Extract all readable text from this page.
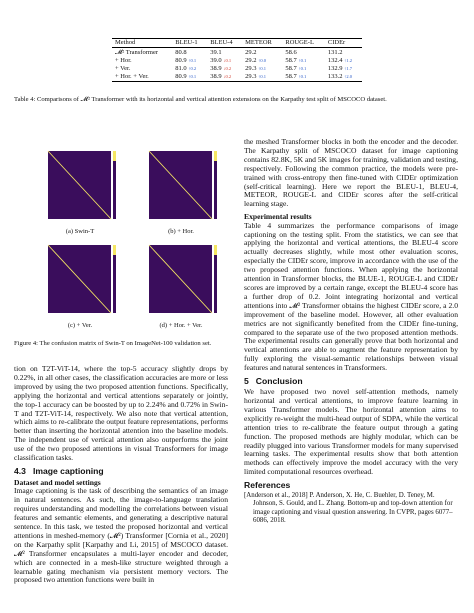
Method	BLEU-1	BLEU-4	METEOR	ROUGE-L	CIDEr
𝓜² Transformer	80.8	39.1	29.2	58.6	131.2
+ Hor.	80.9 ↑0.1	39.0 ↓0.1	29.2 ↑0.0	58.7 ↑0.1	132.4 ↑1.2
+ Ver.	81.0 ↑0.2	38.9 ↓0.2	29.3 ↑0.1	58.7 ↑0.1	132.9 ↑1.7
+ Hor. + Ver.	80.9 ↑0.1	38.9 ↓0.2	29.3 ↑0.1	58.7 ↑0.1	133.2 ↑2.0
Table 4: Comparisons of 𝓜² Transformer with its horizontal and vertical attention extensions on the Karpathy test split of MSCOCO dataset.
(a) Swin-T	(b) + Hor.
(c) + Ver.	(d) + Hor. + Ver.
Figure 4: The confusion matrix of Swin-T on ImageNet-100 validation set.

tion on T2T-ViT-14, where the top-5 accuracy slightly drops by 0.22%, in all other cases, the classification accuracies are more or less improved by using the two proposed attention functions. Specifically, applying the horizontal and vertical attentions separately or jointly, the top-1 accuracy can be boosted by up to 2.24% and 0.72% in Swin-T and T2T-ViT-14, respectively. We also note that vertical attention, which aims to re-calibrate the output feature representations, performs better than inserting the horizontal attention into the baseline models. The independent use of vertical attention also outperforms the joint use of the two proposed attentions in visual Transformers for image classification tasks.

4.3 Image captioning
Dataset and model settings

Image captioning is the task of describing the semantics of an image in natural sentences. As such, the image-to-language translation requires understanding and modelling the correlations between visual features and semantic elements, and generating a descriptive natural sentence. In this task, we tested the proposed horizontal and vertical attentions in meshed-memory (𝓜²) Transformer [Cornia et al., 2020] on the Karpathy split [Karpathy and Li, 2015] of MSCOCO dataset. 𝓜² Transformer encapsulates a multi-layer encoder and decoder, which are connected in a mesh-like structure weighted through a learnable gating mechanism via persistent memory vectors. The proposed two attention functions were built in

the meshed Transformer blocks in both the encoder and the decoder. The Karpathy split of MSCOCO dataset for image captioning contains 82.8K, 5K and 5K images for training, validation and testing, respectively. Following the common practice, the models were pre-trained with cross-entropy then fine-tuned with CIDEr optimization (self-critical learning). Here we report the BLEU-1, BLEU-4, METEOR, ROUGE-L and CIDEr scores after the self-critical learning stage.

Experimental results

Table 4 summarizes the performance comparisons of image captioning on the testing split. From the statistics, we can see that applying the horizontal and vertical attentions, the BLEU-4 score actually decreases slightly, while most other evaluation scores, especially the CIDEr score, improve in accordance with the use of the two proposed attention functions. When applying the horizontal attention in Transformer blocks, the BLUE-1, ROUGE-L and CIDEr scores are improved by a certain range, except the BLEU-4 score has a further drop of 0.2. Joint integrating horizontal and vertical attentions into 𝓜² Transformer obtains the highest CIDEr score, a 2.0 improvement of the baseline model. However, all other evaluation metrics are not significantly benefited from the CIDEr fine-tuning, compared to the separate use of the two proposed attention methods. The experimental results can generally prove that both horizontal and vertical attentions are able to augment the feature representation by fully exploring the visual-semantic relationships between visual features and natural sentences in Transformers.

5 Conclusion

We have proposed two novel self-attention methods, namely horizontal and vertical attentions, to improve feature learning in various Transformer models. The horizontal attention aims to explicitly re-weight the multi-head output of SDPA, while the vertical attention tries to re-calibrate the feature output through a gating function. The proposed methods are highly modular, which can be readily plugged into various Transformer models for many supervised learning tasks. The experimental results show that both attention methods can effectively improve the model accuracy with the very limited computational resources overhead.

References

[Anderson et al., 2018] P. Anderson, X. He, C. Buehler, D. Teney, M. Johnson, S. Gould, and L. Zhang. Bottom-up and top-down attention for image captioning and visual question answering. In CVPR, pages 6077–6086, 2018.
